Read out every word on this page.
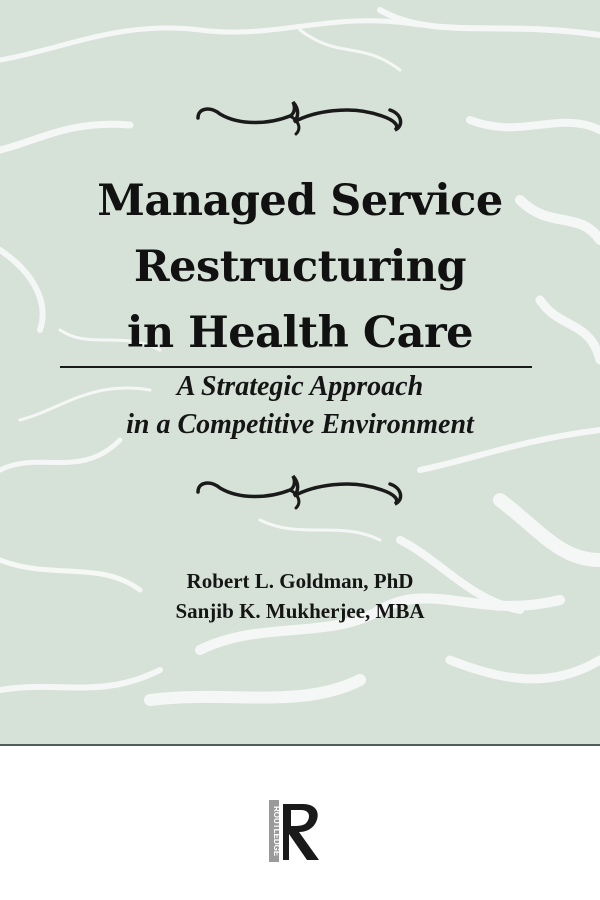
Managed Service
Restructuring
in Health Care
A Strategic Approach
in a Competitive Environment
Robert L. Goldman, PhD
Sanjib K. Mukherjee, MBA
ROUTLEDGE
